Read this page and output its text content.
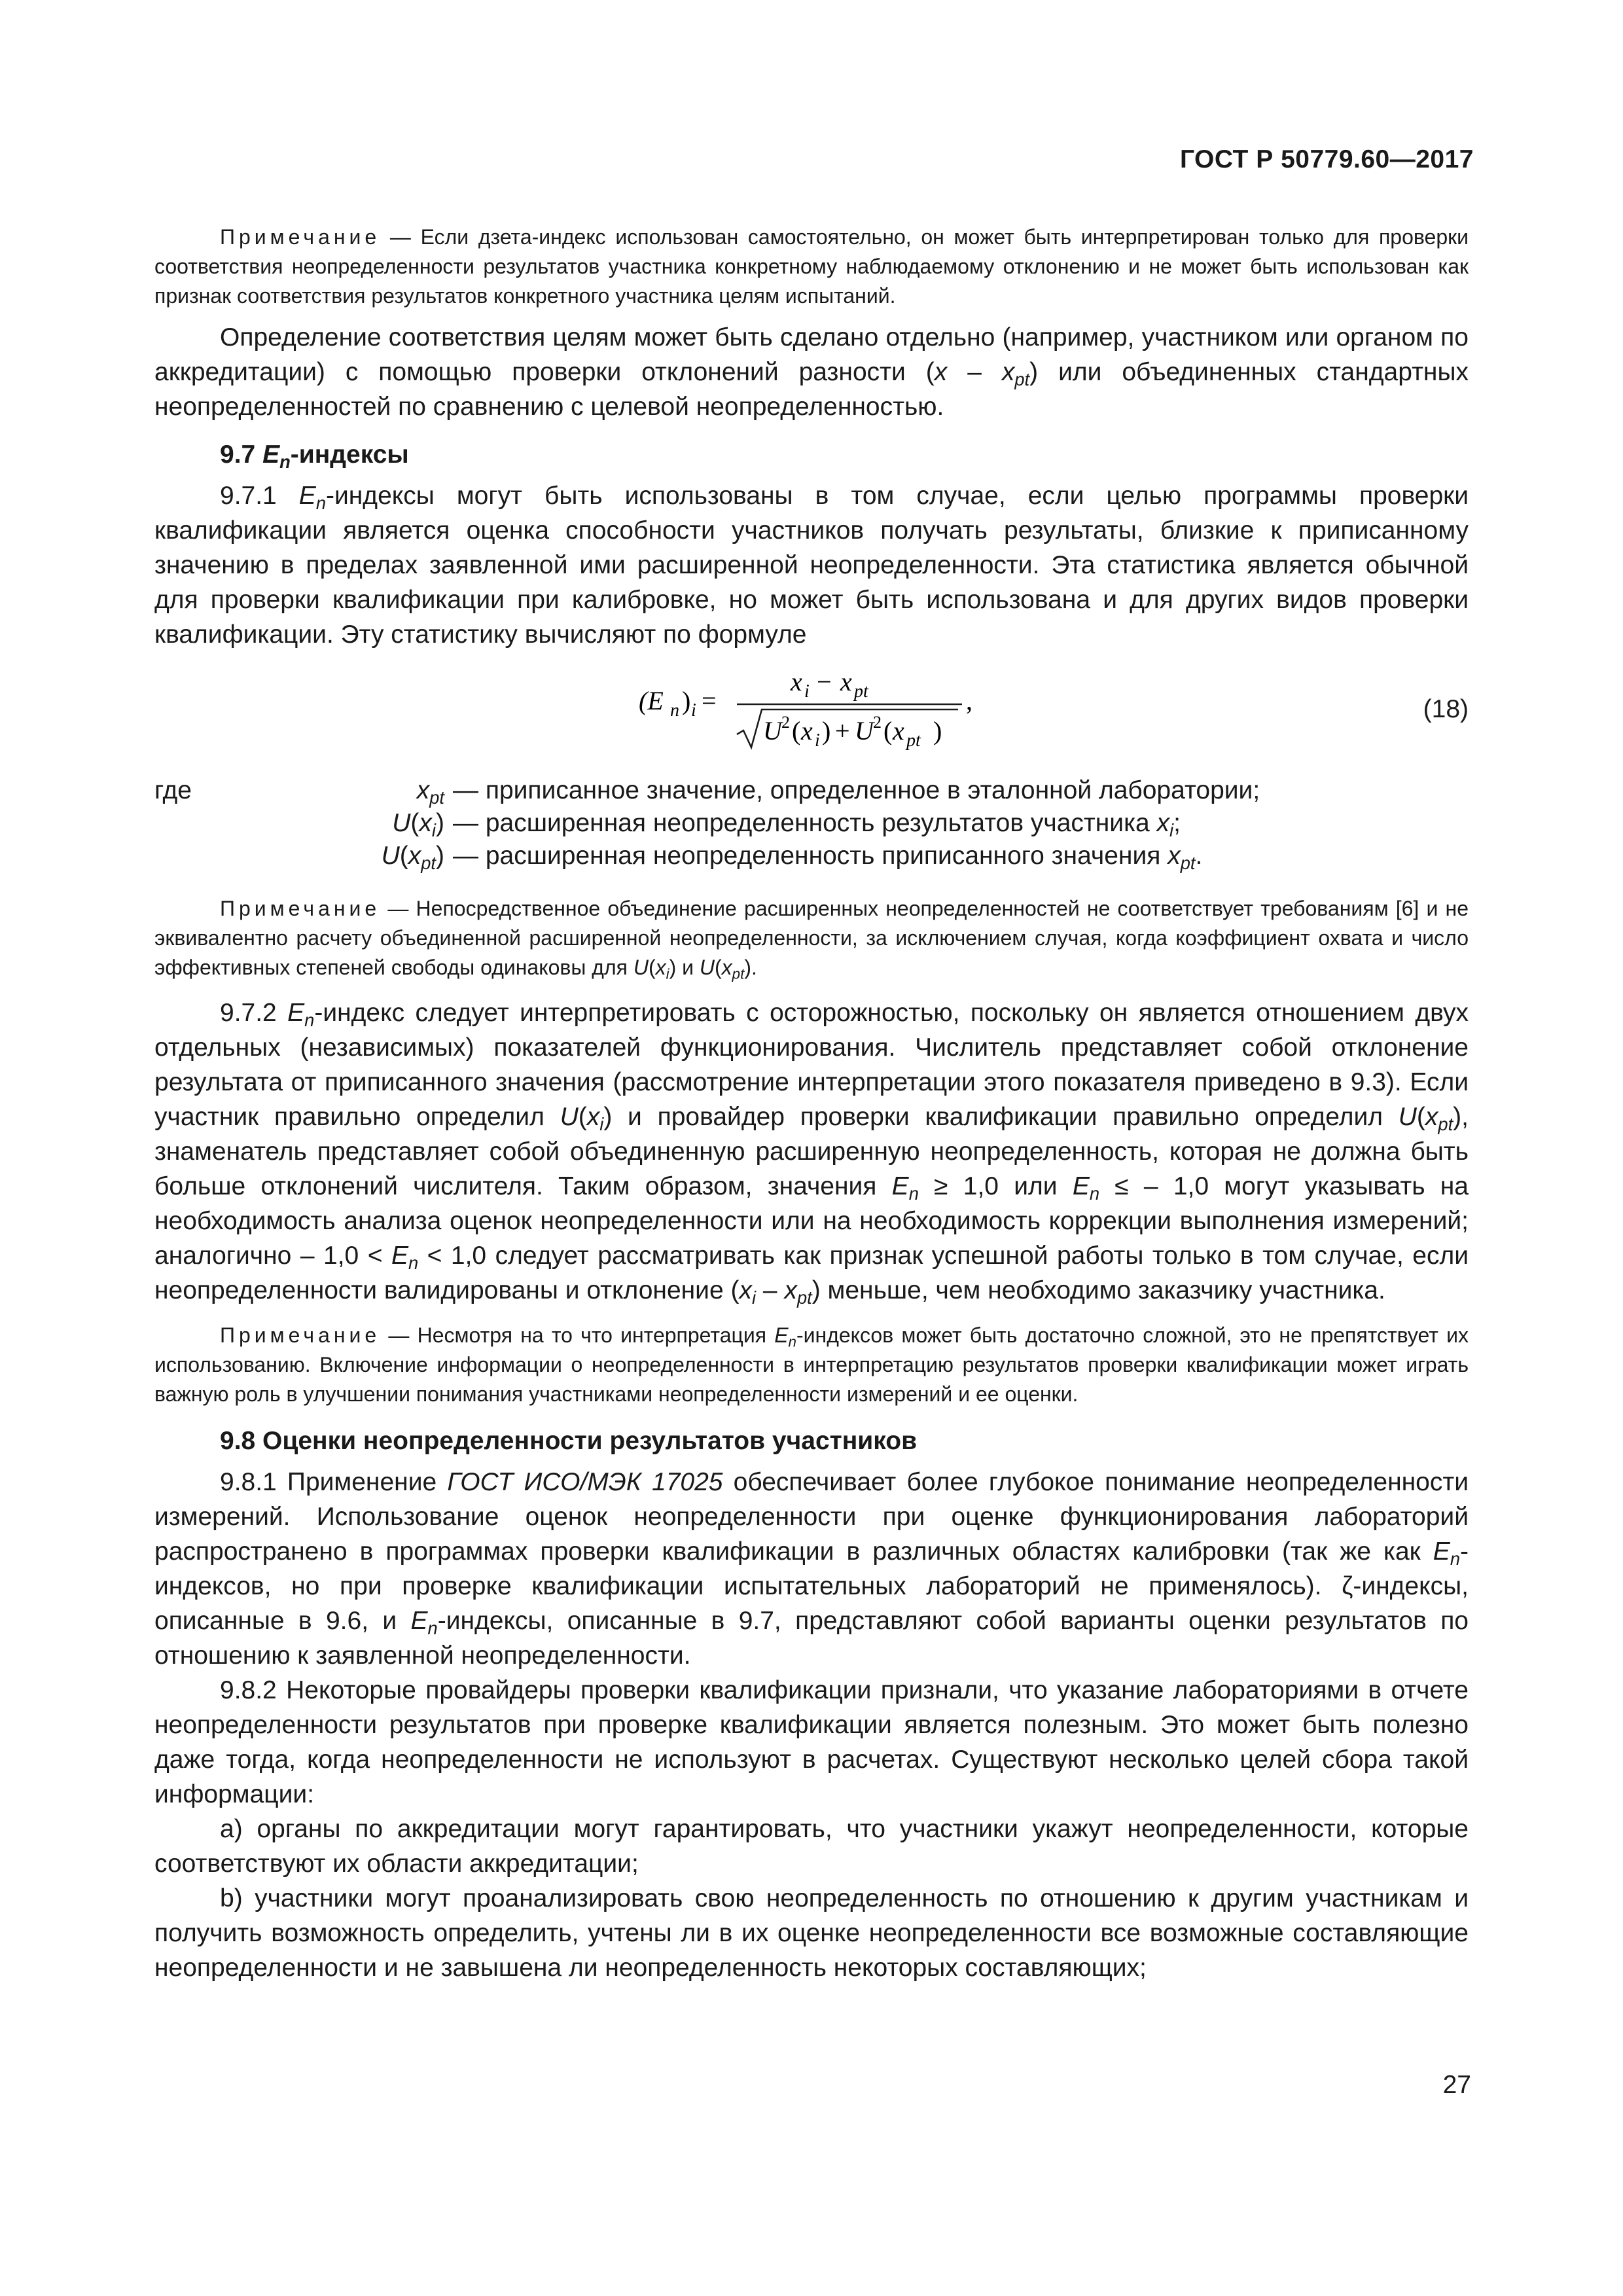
ГОСТ Р 50779.60—2017

Примечание — Если дзета-индекс использован самостоятельно, он может быть интерпретирован только для проверки соответствия неопределенности результатов участника конкретному наблюдаемому отклонению и не может быть использован как признак соответствия результатов конкретного участника целям испытаний.

Определение соответствия целям может быть сделано отдельно (например, участником или органом по аккредитации) с помощью проверки отклонений разности $(x - x_{pt})$ или объединенных стандартных неопределенностей по сравнению с целевой неопределенностью.

9.7 $E_n$-индексы

9.7.1 $E_n$-индексы могут быть использованы в том случае, если целью программы проверки квалификации является оценка способности участников получать результаты, близкие к приписанному значению в пределах заявленной ими расширенной неопределенности. Эта статистика является обычной для проверки квалификации при калибровке, но может быть использована и для других видов проверки квалификации. Эту статистику вычисляют по формуле

(E n ) i =
x i − x pt
U 2 ( x i ) + U 2 ( x pt )
,	(18)
где	$x_{pt}$ — приписанное значение, определенное в эталонной лаборатории;
$U(x_i)$ — расширенная неопределенность результатов участника $x_i$;
$U(x_{pt})$ — расширенная неопределенность приписанного значения $x_{pt}$.

Примечание — Непосредственное объединение расширенных неопределенностей не соответствует требованиям [6] и не эквивалентно расчету объединенной расширенной неопределенности, за исключением случая, когда коэффициент охвата и число эффективных степеней свободы одинаковы для $U(x_i)$ и $U(x_{pt})$.

9.7.2 $E_n$-индекс следует интерпретировать с осторожностью, поскольку он является отношением двух отдельных (независимых) показателей функционирования. Числитель представляет собой отклонение результата от приписанного значения (рассмотрение интерпретации этого показателя приведено в 9.3). Если участник правильно определил $U(x_i)$ и провайдер проверки квалификации правильно определил $U(x_{pt})$, знаменатель представляет собой объединенную расширенную неопределенность, которая не должна быть больше отклонений числителя. Таким образом, значения $E_n \ge 1,0$ или $E_n$ ≤ – 1,0 могут указывать на необходимость анализа оценок неопределенности или на необходимость коррекции выполнения измерений; аналогично – $1,0 < E_n < 1,0$ следует рассматривать как признак успешной работы только в том случае, если неопределенности валидированы и отклонение $(x_i - x_{pt})$ меньше, чем необходимо заказчику участника.

Примечание — Несмотря на то что интерпретация $E_n$-индексов может быть достаточно сложной, это не препятствует их использованию. Включение информации о неопределенности в интерпретацию результатов проверки квалификации может играть важную роль в улучшении понимания участниками неопределенности измерений и ее оценки.

9.8 Оценки неопределенности результатов участников

9.8.1 Применение ГОСТ ИСО/МЭК 17025 обеспечивает более глубокое понимание неопределенности измерений. Использование оценок неопределенности при оценке функционирования лабораторий распространено в программах проверки квалификации в различных областях калибровки (так же как $E_n$-индексов, но при проверке квалификации испытательных лабораторий не применялось). ζ-индексы, описанные в 9.6, и $E_n$-индексы, описанные в 9.7, представляют собой варианты оценки результатов по отношению к заявленной неопределенности.

9.8.2 Некоторые провайдеры проверки квалификации признали, что указание лабораториями в отчете неопределенности результатов при проверке квалификации является полезным. Это может быть полезно даже тогда, когда неопределенности не используют в расчетах. Существуют несколько целей сбора такой информации:

а) органы по аккредитации могут гарантировать, что участники укажут неопределенности, которые соответствуют их области аккредитации;

b) участники могут проанализировать свою неопределенность по отношению к другим участникам и получить возможность определить, учтены ли в их оценке неопределенности все возможные составляющие неопределенности и не завышена ли неопределенность некоторых составляющих;

27
